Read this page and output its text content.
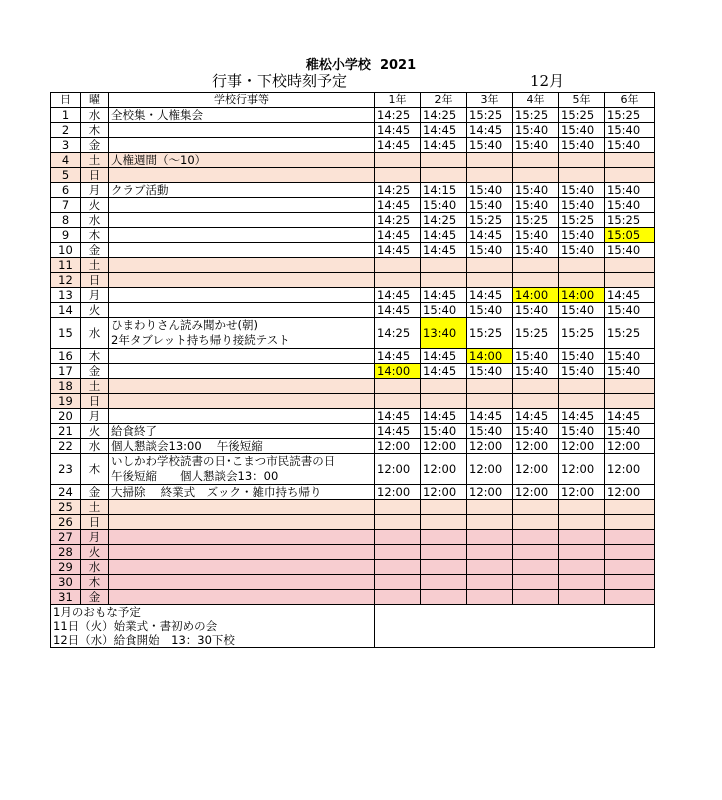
稚松小学校 2021
行事・下校時刻予定	12月
日	曜	学校行事等	1年	2年	3年	4年	5年	6年
1	水	全校集・人権集会	14:25	14:25	15:25	15:25	15:25	15:25
2	木		14:45	14:45	14:45	15:40	15:40	15:40
3	金		14:45	14:45	15:40	15:40	15:40	15:40
4	土	人権週間（～10）						

5	日	

6	月	クラブ活動	14:25	14:15	15:40	15:40	15:40	15:40
7	火		14:45	15:40	15:40	15:40	15:40	15:40
8	水		14:25	14:25	15:25	15:25	15:25	15:25
9	木		14:45	14:45	14:45	15:40	15:40	15:05
10	金		14:45	14:45	15:40	15:40	15:40	15:40
11	土	

12	日	

13	月		14:45	14:45	14:45	14:00	14:00	14:45
14	火		14:45	15:40	15:40	15:40	15:40	15:40
15	水	ひまわりさん読み聞かせ(朝)
2年タブレット持ち帰り接続テスト	14:25	13:40	15:25	15:25	15:25	15:25
16	木		14:45	14:45	14:00	15:40	15:40	15:40
17	金		14:00	14:45	15:40	15:40	15:40	15:40
18	土	

19	日	

20	月		14:45	14:45	14:45	14:45	14:45	14:45
21	火	給食終了	14:45	15:40	15:40	15:40	15:40	15:40
22	水	個人懇談会13:00　 午後短縮	12:00	12:00	12:00	12:00	12:00	12:00
23	木	いしかわ学校読書の日･こまつ市民読書の日
午後短縮　　個人懇談会13：00	12:00	12:00	12:00	12:00	12:00	12:00
24	金	大掃除　 終業式　ズック・雑巾持ち帰り	12:00	12:00	12:00	12:00	12:00	12:00
25	土	

26	日	

27	月	

28	火	

29	水	

30	木	

31	金	

1月のおもな予定
11日（火）始業式・書初めの会
12日（水）給食開始　13：30下校								
